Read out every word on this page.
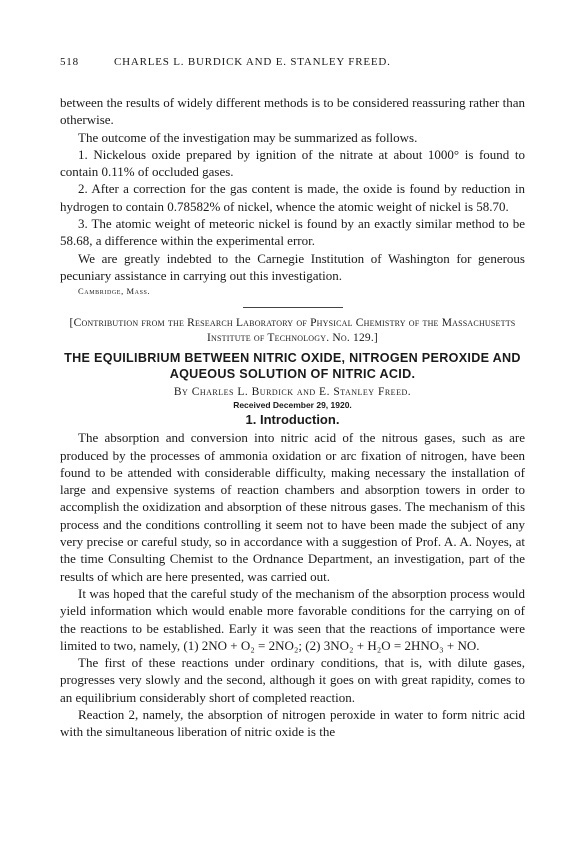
518	CHARLES L. BURDICK AND E. STANLEY FREED.

between the results of widely different methods is to be considered reassuring rather than otherwise.

The outcome of the investigation may be summarized as follows.

1. Nickelous oxide prepared by ignition of the nitrate at about 1000° is found to contain 0.11% of occluded gases.

2. After a correction for the gas content is made, the oxide is found by reduction in hydrogen to contain 0.78582% of nickel, whence the atomic weight of nickel is 58.70.

3. The atomic weight of meteoric nickel is found by an exactly similar method to be 58.68, a difference within the experimental error.

We are greatly indebted to the Carnegie Institution of Washington for generous pecuniary assistance in carrying out this investigation.

Cambridge, Mass.
[Contribution from the Research Laboratory of Physical Chemistry of the Massachusetts Institute of Technology. No. 129.]
THE EQUILIBRIUM BETWEEN NITRIC OXIDE, NITROGEN PEROXIDE AND AQUEOUS SOLUTION OF NITRIC ACID.
By Charles L. Burdick and E. Stanley Freed.
Received December 29, 1920.
1. Introduction.

The absorption and conversion into nitric acid of the nitrous gases, such as are produced by the processes of ammonia oxidation or arc fixation of nitrogen, have been found to be attended with considerable difficulty, making necessary the installation of large and expensive systems of reaction chambers and absorption towers in order to accomplish the oxidization and absorption of these nitrous gases. The mechanism of this process and the conditions controlling it seem not to have been made the subject of any very precise or careful study, so in accordance with a suggestion of Prof. A. A. Noyes, at the time Consulting Chemist to the Ordnance Department, an investigation, part of the results of which are here presented, was carried out.

It was hoped that the careful study of the mechanism of the absorption process would yield information which would enable more favorable conditions for the carrying on of the reactions to be established. Early it was seen that the reactions of importance were limited to two, namely, (1) 2NO + O₂ = 2NO₂; (2) 3NO₂ + H₂O = 2HNO₃ + NO.

The first of these reactions under ordinary conditions, that is, with dilute gases, progresses very slowly and the second, although it goes on with great rapidity, comes to an equilibrium considerably short of completed reaction.

Reaction 2, namely, the absorption of nitrogen peroxide in water to form nitric acid with the simultaneous liberation of nitric oxide is the
